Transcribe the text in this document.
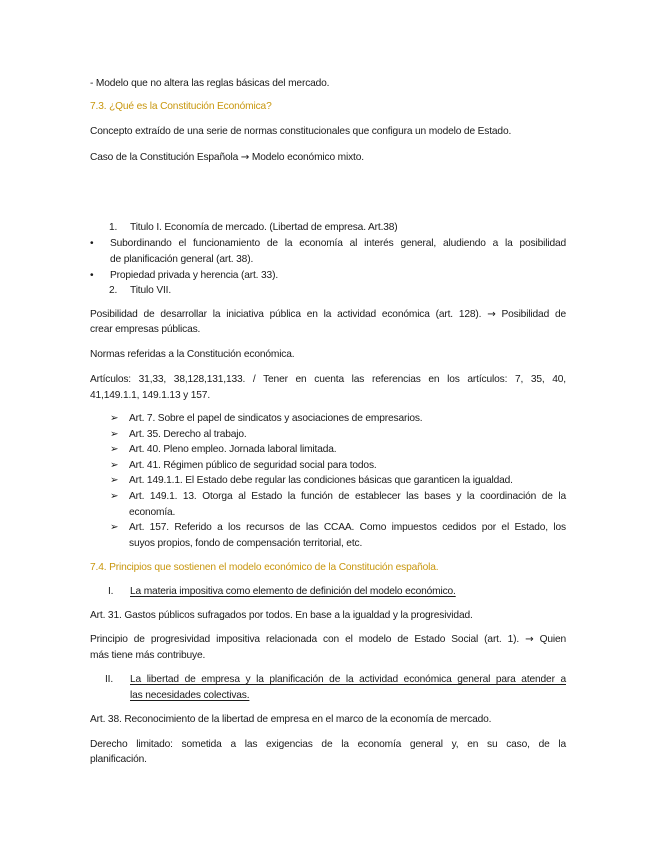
- Modelo que no altera las reglas básicas del mercado.
7.3. ¿Qué es la Constitución Económica?
Concepto extraído de una serie de normas constitucionales que configura un modelo de Estado.
Caso de la Constitución Española → Modelo económico mixto.
1.	Titulo I. Economía de mercado. (Libertad de empresa. Art.38)
•	Subordinando el funcionamiento de la economía al interés general, aludiendo a la posibilidad
de planificación general (art. 38).
•	Propiedad privada y herencia (art. 33).
2.	Titulo VII.
Posibilidad de desarrollar la iniciativa pública en la actividad económica (art. 128). → Posibilidad de
crear empresas públicas.
Normas referidas a la Constitución económica.
Artículos: 31,33, 38,128,131,133. / Tener en cuenta las referencias en los artículos: 7, 35, 40,
41,149.1.1, 149.1.13 y 157.
➢	Art. 7. Sobre el papel de sindicatos y asociaciones de empresarios.
➢	Art. 35. Derecho al trabajo.
➢	Art. 40. Pleno empleo. Jornada laboral limitada.
➢	Art. 41. Régimen público de seguridad social para todos.
➢	Art. 149.1.1. El Estado debe regular las condiciones básicas que garanticen la igualdad.
➢	Art. 149.1. 13. Otorga al Estado la función de establecer las bases y la coordinación de la
economía.
➢	Art. 157. Referido a los recursos de las CCAA. Como impuestos cedidos por el Estado, los
suyos propios, fondo de compensación territorial, etc.
7.4. Principios que sostienen el modelo económico de la Constitución española.
I.	La materia impositiva como elemento de definición del modelo económico.
Art. 31. Gastos públicos sufragados por todos. En base a la igualdad y la progresividad.
Principio de progresividad impositiva relacionada con el modelo de Estado Social (art. 1). → Quien
más tiene más contribuye.
II.	La libertad de empresa y la planificación de la actividad económica general para atender a
las necesidades colectivas.
Art. 38. Reconocimiento de la libertad de empresa en el marco de la economía de mercado.
Derecho limitado: sometida a las exigencias de la economía general y, en su caso, de la
planificación.
